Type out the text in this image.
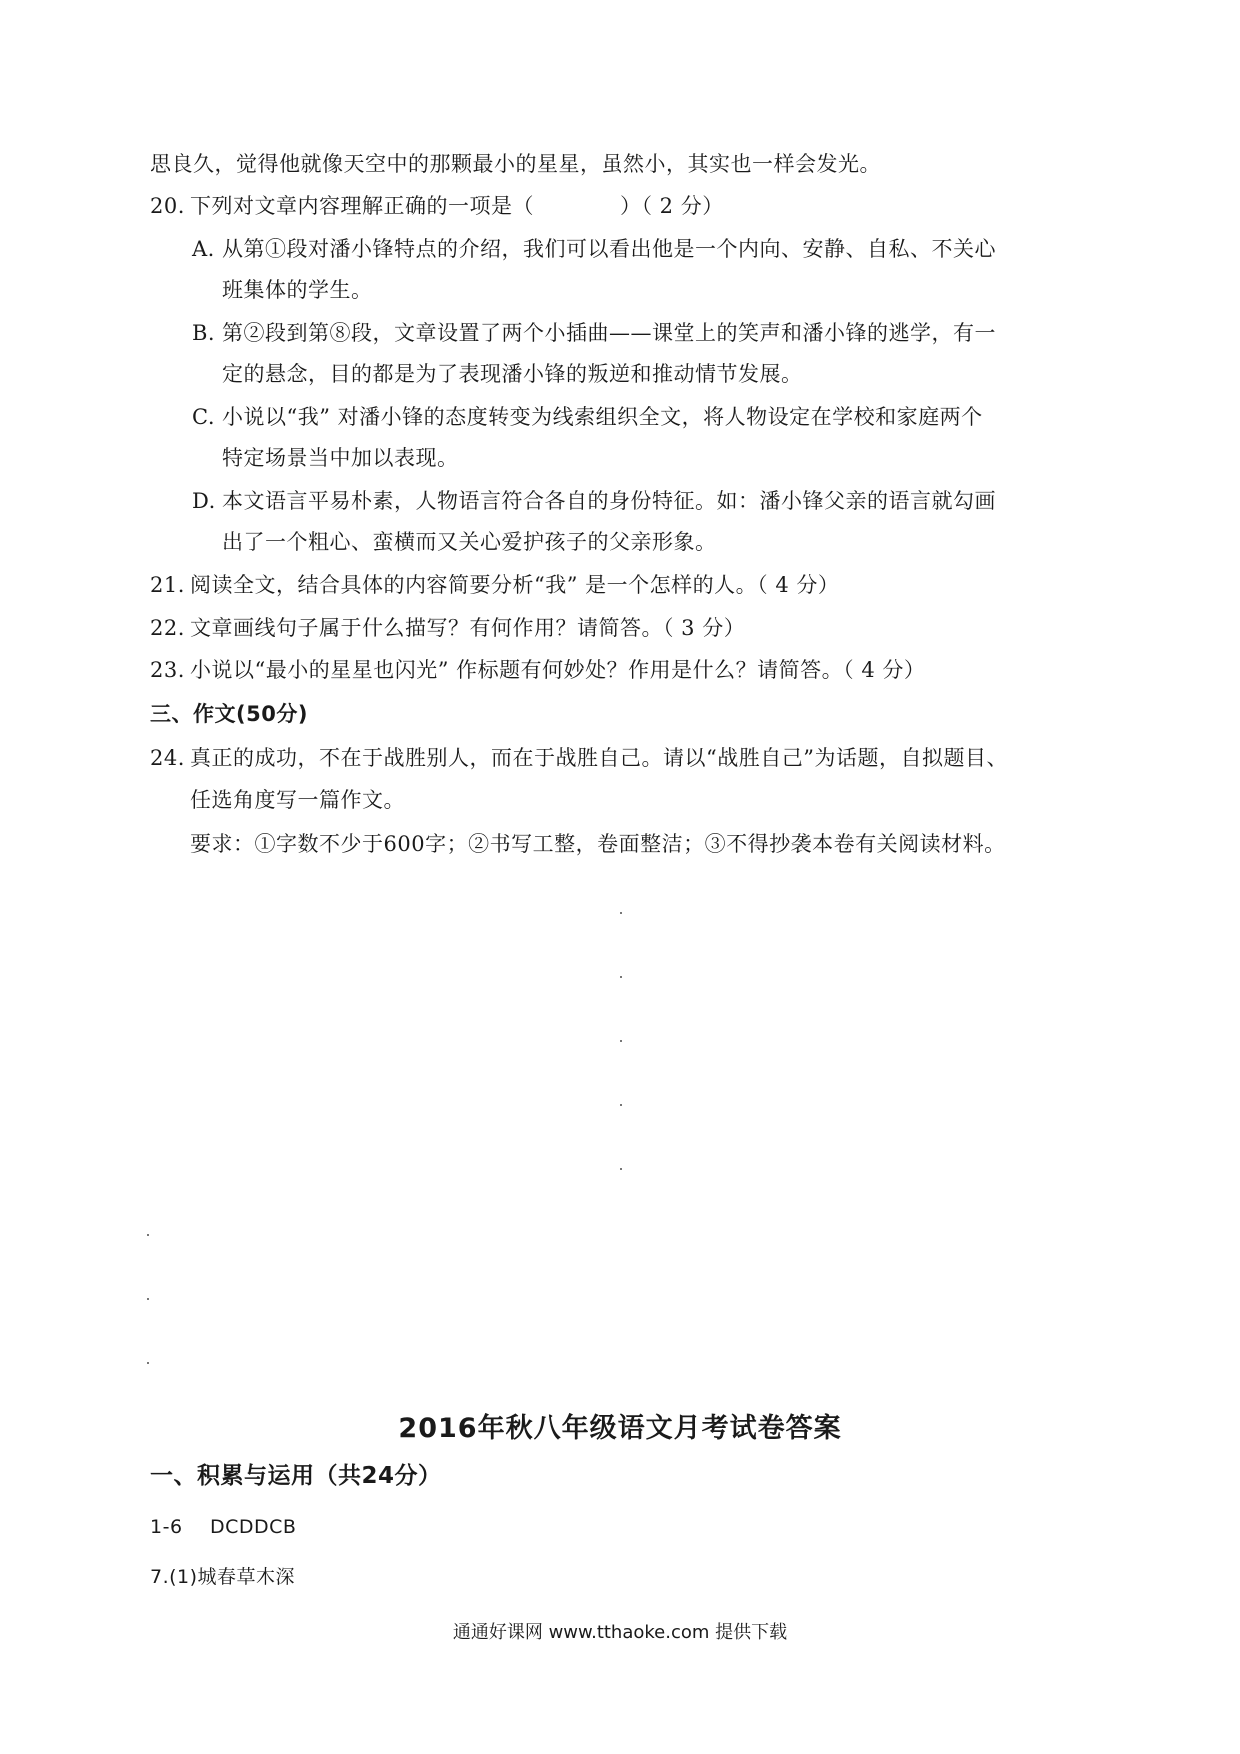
思良久，觉得他就像天空中的那颗最小的星星，虽然小，其实也一样会发光。
20. 下列对文章内容理解正确的一项是（　　　　）（ 2 分）
A. 从第①段对潘小锋特点的介绍，我们可以看出他是一个内向、安静、自私、不关心
班集体的学生。
B. 第②段到第⑧段，文章设置了两个小插曲——课堂上的笑声和潘小锋的逃学，有一
定的悬念，目的都是为了表现潘小锋的叛逆和推动情节发展。
C. 小说以“我” 对潘小锋的态度转变为线索组织全文，将人物设定在学校和家庭两个
特定场景当中加以表现。
D. 本文语言平易朴素，人物语言符合各自的身份特征。如：潘小锋父亲的语言就勾画
出了一个粗心、蛮横而又关心爱护孩子的父亲形象。
21. 阅读全文，结合具体的内容简要分析“我” 是一个怎样的人。（ 4 分）
22. 文章画线句子属于什么描写？有何作用？请简答。（ 3 分）
23. 小说以“最小的星星也闪光” 作标题有何妙处？作用是什么？请简答。（ 4 分）
三、作文(50分)
24. 真正的成功，不在于战胜别人，而在于战胜自己。请以“战胜自己”为话题，自拟题目、
任选角度写一篇作文。
要求：①字数不少于600字；②书写工整，卷面整洁；③不得抄袭本卷有关阅读材料。
2016年秋八年级语文月考试卷答案
一、积累与运用（共24分）
1-6 DCDDCB
7.(1)城春草木深
通通好课网 www.tthaoke.com 提供下载
